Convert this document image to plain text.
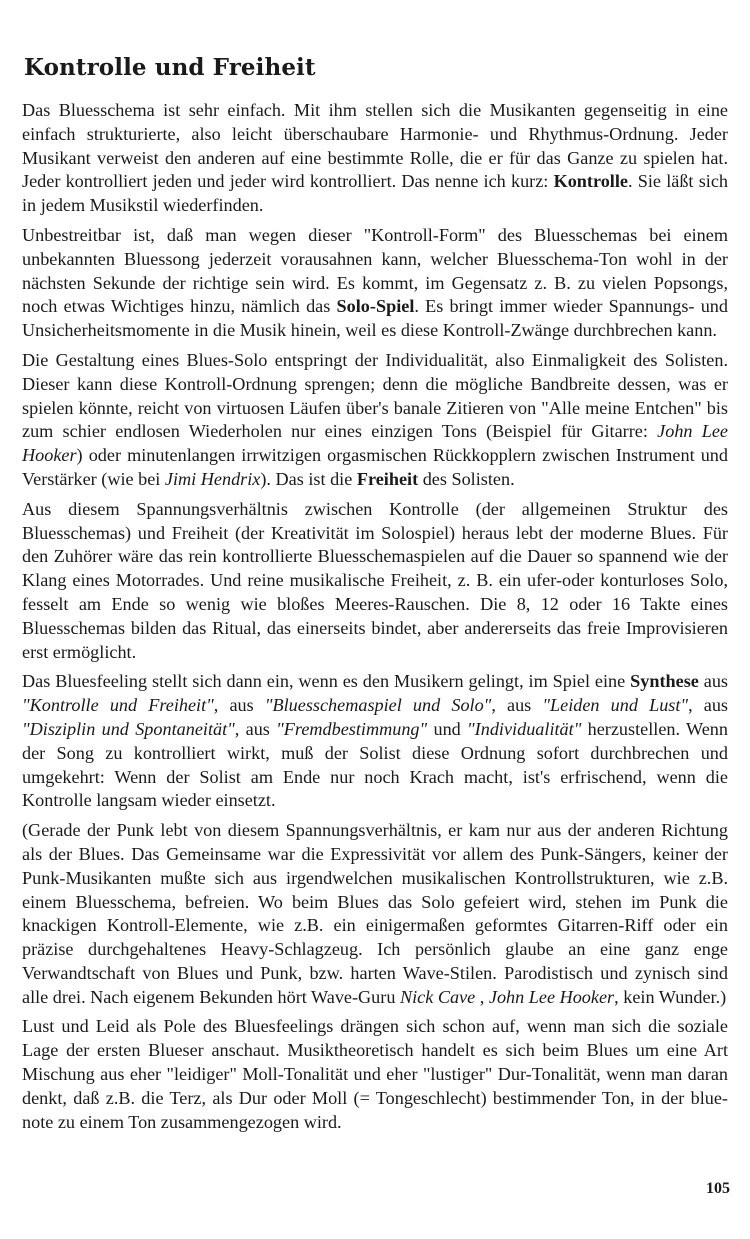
Kontrolle und Freiheit

Das Bluesschema ist sehr einfach. Mit ihm stellen sich die Musikanten gegenseitig in eine einfach strukturierte, also leicht überschaubare Harmonie- und Rhythmus-Ordnung. Jeder Musikant verweist den anderen auf eine bestimmte Rolle, die er für das Ganze zu spielen hat. Jeder kontrolliert jeden und jeder wird kontrolliert. Das nenne ich kurz: Kontrolle. Sie läßt sich in jedem Musikstil wiederfinden.

Unbestreitbar ist, daß man wegen dieser "Kontroll-Form" des Bluesschemas bei einem unbekannten Bluessong jederzeit vorausahnen kann, welcher Bluesschema-Ton wohl in der nächsten Sekunde der richtige sein wird. Es kommt, im Gegensatz z. B. zu vielen Popsongs, noch etwas Wichtiges hinzu, nämlich das Solo-Spiel. Es bringt immer wieder Spannungs- und Unsicherheitsmomente in die Musik hinein, weil es diese Kontroll-Zwänge durchbrechen kann.

Die Gestaltung eines Blues-Solo entspringt der Individualität, also Einmaligkeit des Solisten. Dieser kann diese Kontroll-Ordnung sprengen; denn die mögliche Bandbreite dessen, was er spielen könnte, reicht von virtuosen Läufen über's banale Zitieren von "Alle meine Entchen" bis zum schier endlosen Wiederholen nur eines einzigen Tons (Beispiel für Gitarre: John Lee Hooker) oder minutenlangen irrwitzigen orgasmischen Rückkopplern zwischen Instrument und Verstärker (wie bei Jimi Hendrix). Das ist die Freiheit des Solisten.

Aus diesem Spannungsverhältnis zwischen Kontrolle (der allgemeinen Struktur des Bluesschemas) und Freiheit (der Kreativität im Solospiel) heraus lebt der moderne Blues. Für den Zuhörer wäre das rein kontrollierte Bluesschemaspielen auf die Dauer so spannend wie der Klang eines Motorrades. Und reine musikalische Freiheit, z. B. ein ufer-oder konturloses Solo, fesselt am Ende so wenig wie bloßes Meeres-Rauschen. Die 8, 12 oder 16 Takte eines Bluesschemas bilden das Ritual, das einerseits bindet, aber andererseits das freie Improvisieren erst ermöglicht.

Das Bluesfeeling stellt sich dann ein, wenn es den Musikern gelingt, im Spiel eine Synthese aus "Kontrolle und Freiheit", aus "Bluesschemaspiel und Solo", aus "Leiden und Lust", aus "Disziplin und Spontaneität", aus "Fremdbestimmung" und "Individualität" herzustellen. Wenn der Song zu kontrolliert wirkt, muß der Solist diese Ordnung sofort durchbrechen und umgekehrt: Wenn der Solist am Ende nur noch Krach macht, ist's erfrischend, wenn die Kontrolle langsam wieder einsetzt.

(Gerade der Punk lebt von diesem Spannungsverhältnis, er kam nur aus der anderen Richtung als der Blues. Das Gemeinsame war die Expressivität vor allem des Punk-Sängers, keiner der Punk-Musikanten mußte sich aus irgendwelchen musikalischen Kontrollstrukturen, wie z.B. einem Bluesschema, befreien. Wo beim Blues das Solo gefeiert wird, stehen im Punk die knackigen Kontroll-Elemente, wie z.B. ein einigermaßen geformtes Gitarren-Riff oder ein präzise durchgehaltenes Heavy-Schlagzeug. Ich persönlich glaube an eine ganz enge Verwandtschaft von Blues und Punk, bzw. harten Wave-Stilen. Parodistisch und zynisch sind alle drei. Nach eigenem Bekunden hört Wave-Guru Nick Cave , John Lee Hooker, kein Wunder.)

Lust und Leid als Pole des Bluesfeelings drängen sich schon auf, wenn man sich die soziale Lage der ersten Blueser anschaut. Musiktheoretisch handelt es sich beim Blues um eine Art Mischung aus eher "leidiger" Moll-Tonalität und eher "lustiger" Dur-Tonalität, wenn man daran denkt, daß z.B. die Terz, als Dur oder Moll (= Tongeschlecht) bestimmender Ton, in der blue-note zu einem Ton zusammengezogen wird.

105
